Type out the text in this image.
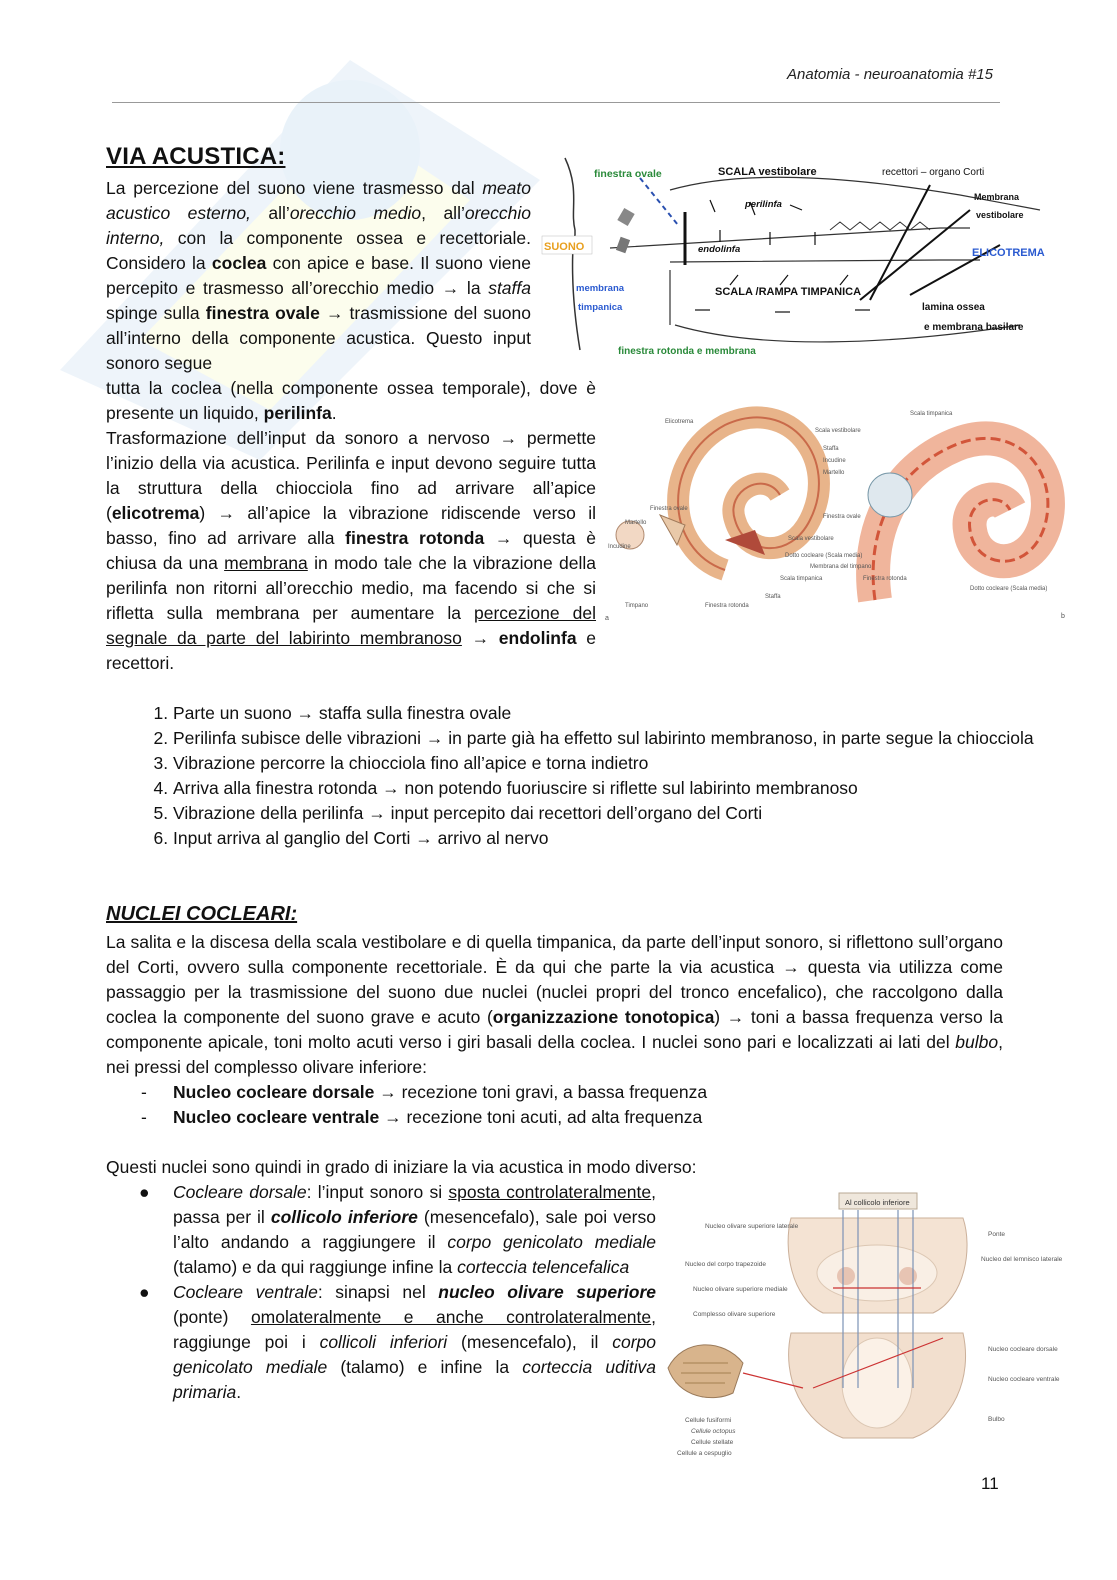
Anatomia - neuroanatomia #15
VIA ACUSTICA:
La percezione del suono viene trasmesso dal meato acustico esterno, all’orecchio medio, all’orecchio interno, con la componente ossea e recettoriale. Considero la coclea con apice e base. Il suono viene percepito e trasmesso all’orecchio medio → la staffa spinge sulla finestra ovale → trasmissione del suono all’interno della componente acustica. Questo input sonoro segue
tutta la coclea (nella componente ossea temporale), dove è presente un liquido, perilinfa.
Trasformazione dell’input da sonoro a nervoso → permette l’inizio della via acustica. Perilinfa e input devono seguire tutta la struttura della chiocciola fino ad arrivare all’apice (elicotrema) → all’apice la vibrazione ridiscende verso il basso, fino ad arrivare alla finestra rotonda → questa è chiusa da una membrana in modo tale che la vibrazione della perilinfa non ritorni all’orecchio medio, ma facendo si che si rifletta sulla membrana per aumentare la percezione del segnale da parte del labirinto membranoso → endolinfa e recettori.
finestra ovale	SCALA vestibolare	recettori – organo Corti
perilinfa
Membrana
vestibolare
SUONO	endolinfa	ELICOTREMA
membrana
timpanica
SCALA /RAMPA TIMPANICA
lamina ossea
e membrana basilare
finestra rotonda e membrana
Elicotrema
Finestra ovale
Martello
Incudine
Timpano	Finestra rotonda
Staffa
Scala vestibolare
Dotto cocleare (Scala media)
Scala timpanica
Membrana del timpano
Scala timpanica
Scala vestibolare
Staffa
Incudine
Martello
Finestra ovale
Finestra rotonda
Dotto cocleare (Scala media)
a	b
1. Parte un suono → staffa sulla finestra ovale
2. Perilinfa subisce delle vibrazioni → in parte già ha effetto sul labirinto membranoso, in parte segue la chiocciola
3. Vibrazione percorre la chiocciola fino all’apice e torna indietro
4. Arriva alla finestra rotonda → non potendo fuoriuscire si riflette sul labirinto membranoso
5. Vibrazione della perilinfa → input percepito dai recettori dell’organo del Corti
6. Input arriva al ganglio del Corti → arrivo al nervo
NUCLEI COCLEARI:
La salita e la discesa della scala vestibolare e di quella timpanica, da parte dell’input sonoro, si riflettono sull’organo del Corti, ovvero sulla componente recettoriale. È da qui che parte la via acustica → questa via utilizza come passaggio per la trasmissione del suono due nuclei (nuclei propri del tronco encefalico), che raccolgono dalla coclea la componente del suono grave e acuto (organizzazione tonotopica) → toni a bassa frequenza verso la componente apicale, toni molto acuti verso i giri basali della coclea. I nuclei sono pari e localizzati ai lati del bulbo, nei pressi del complesso olivare inferiore:
- Nucleo cocleare dorsale → recezione toni gravi, a bassa frequenza
- Nucleo cocleare ventrale → recezione toni acuti, ad alta frequenza
Questi nuclei sono quindi in grado di iniziare la via acustica in modo diverso:
● Cocleare dorsale: l’input sonoro si sposta controlateralmente, passa per il collicolo inferiore (mesencefalo), sale poi verso l’alto andando a raggiungere il corpo genicolato mediale (talamo) e da qui raggiunge infine la corteccia telencefalica
● Cocleare ventrale: sinapsi nel nucleo olivare superiore (ponte) omolateralmente e anche controlateralmente, raggiunge poi i collicoli inferiori (mesencefalo), il corpo genicolato mediale (talamo) e infine la corteccia uditiva primaria.
Al collicolo inferiore
Nucleo olivare superiore laterale
Nucleo del corpo trapezoide
Nucleo olivare superiore mediale
Complesso olivare superiore
Ponte
Nucleo del lemnisco laterale
Nucleo cocleare dorsale
Nucleo cocleare ventrale
Bulbo
Cellule fusiformi
Cellule octopus
Cellule stellate
Cellule a cespuglio
11
